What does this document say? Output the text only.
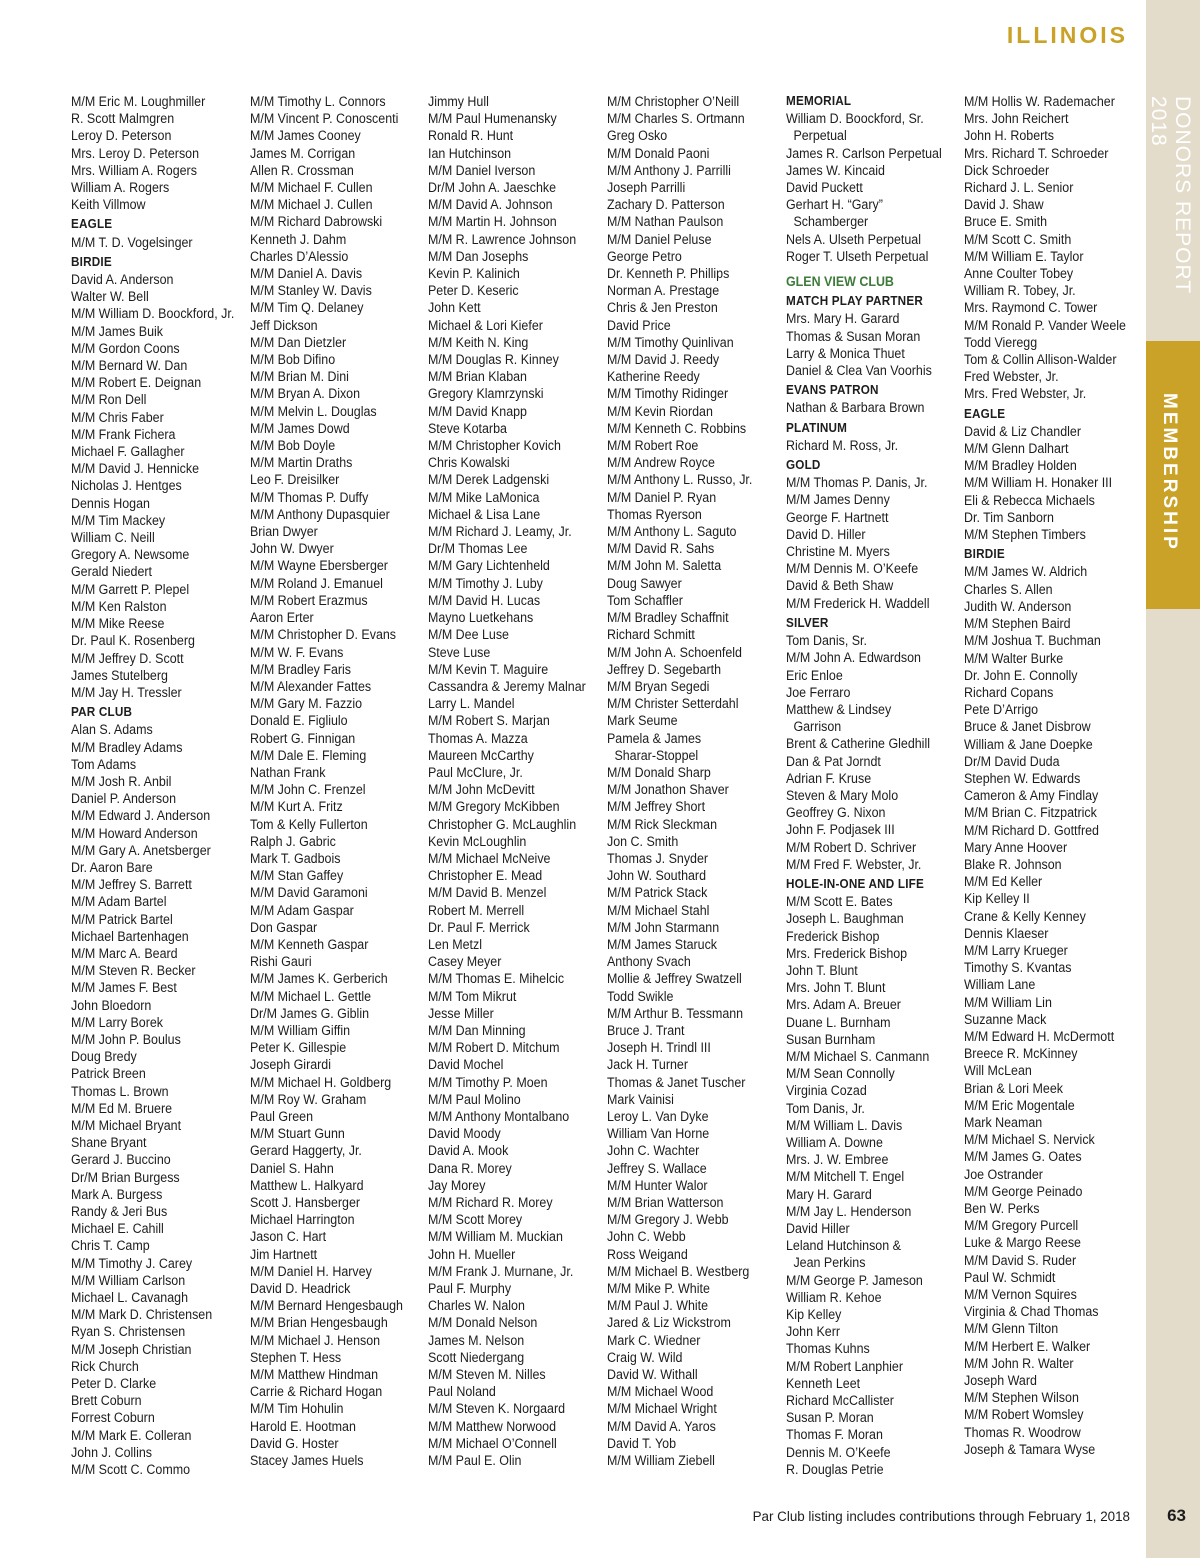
ILLINOIS
DONORS REPORT 2018
MEMBERSHIP
M/M Eric M. Loughmiller
R. Scott Malmgren
Leroy D. Peterson
Mrs. Leroy D. Peterson
Mrs. William A. Rogers
William A. Rogers
Keith Villmow
EAGLE
M/M T. D. Vogelsinger
BIRDIE
David A. Anderson
Walter W. Bell
M/M William D. Boockford, Jr.
M/M James Buik
M/M Gordon Coons
M/M Bernard W. Dan
M/M Robert E. Deignan
M/M Ron Dell
M/M Chris Faber
M/M Frank Fichera
Michael F. Gallagher
M/M David J. Hennicke
Nicholas J. Hentges
Dennis Hogan
M/M Tim Mackey
William C. Neill
Gregory A. Newsome
Gerald Niedert
M/M Garrett P. Plepel
M/M Ken Ralston
M/M Mike Reese
Dr. Paul K. Rosenberg
M/M Jeffrey D. Scott
James Stutelberg
M/M Jay H. Tressler
PAR CLUB
Alan S. Adams
M/M Bradley Adams
Tom Adams
M/M Josh R. Anbil
Daniel P. Anderson
M/M Edward J. Anderson
M/M Howard Anderson
M/M Gary A. Anetsberger
Dr. Aaron Bare
M/M Jeffrey S. Barrett
M/M Adam Bartel
M/M Patrick Bartel
Michael Bartenhagen
M/M Marc A. Beard
M/M Steven R. Becker
M/M James F. Best
John Bloedorn
M/M Larry Borek
M/M John P. Boulus
Doug Bredy
Patrick Breen
Thomas L. Brown
M/M Ed M. Bruere
M/M Michael Bryant
Shane Bryant
Gerard J. Buccino
Dr/M Brian Burgess
Mark A. Burgess
Randy & Jeri Bus
Michael E. Cahill
Chris T. Camp
M/M Timothy J. Carey
M/M William Carlson
Michael L. Cavanagh
M/M Mark D. Christensen
Ryan S. Christensen
M/M Joseph Christian
Rick Church
Peter D. Clarke
Brett Coburn
Forrest Coburn
M/M Mark E. Colleran
John J. Collins
M/M Scott C. Commo
M/M Timothy L. Connors
M/M Vincent P. Conoscenti
M/M James Cooney
James M. Corrigan
Allen R. Crossman
M/M Michael F. Cullen
M/M Michael J. Cullen
M/M Richard Dabrowski
Kenneth J. Dahm
Charles D’Alessio
M/M Daniel A. Davis
M/M Stanley W. Davis
M/M Tim Q. Delaney
Jeff Dickson
M/M Dan Dietzler
M/M Bob Difino
M/M Brian M. Dini
M/M Bryan A. Dixon
M/M Melvin L. Douglas
M/M James Dowd
M/M Bob Doyle
M/M Martin Draths
Leo F. Dreisilker
M/M Thomas P. Duffy
M/M Anthony Dupasquier
Brian Dwyer
John W. Dwyer
M/M Wayne Ebersberger
M/M Roland J. Emanuel
M/M Robert Erazmus
Aaron Erter
M/M Christopher D. Evans
M/M W. F. Evans
M/M Bradley Faris
M/M Alexander Fattes
M/M Gary M. Fazzio
Donald E. Figliulo
Robert G. Finnigan
M/M Dale E. Fleming
Nathan Frank
M/M John C. Frenzel
M/M Kurt A. Fritz
Tom & Kelly Fullerton
Ralph J. Gabric
Mark T. Gadbois
M/M Stan Gaffey
M/M David Garamoni
M/M Adam Gaspar
Don Gaspar
M/M Kenneth Gaspar
Rishi Gauri
M/M James K. Gerberich
M/M Michael L. Gettle
Dr/M James G. Giblin
M/M William Giffin
Peter K. Gillespie
Joseph Girardi
M/M Michael H. Goldberg
M/M Roy W. Graham
Paul Green
M/M Stuart Gunn
Gerard Haggerty, Jr.
Daniel S. Hahn
Matthew L. Halkyard
Scott J. Hansberger
Michael Harrington
Jason C. Hart
Jim Hartnett
M/M Daniel H. Harvey
David D. Headrick
M/M Bernard Hengesbaugh
M/M Brian Hengesbaugh
M/M Michael J. Henson
Stephen T. Hess
M/M Matthew Hindman
Carrie & Richard Hogan
M/M Tim Hohulin
Harold E. Hootman
David G. Hoster
Stacey James Huels
Jimmy Hull
M/M Paul Humenansky
Ronald R. Hunt
Ian Hutchinson
M/M Daniel Iverson
Dr/M John A. Jaeschke
M/M David A. Johnson
M/M Martin H. Johnson
M/M R. Lawrence Johnson
M/M Dan Josephs
Kevin P. Kalinich
Peter D. Keseric
John Kett
Michael & Lori Kiefer
M/M Keith N. King
M/M Douglas R. Kinney
M/M Brian Klaban
Gregory Klamrzynski
M/M David Knapp
Steve Kotarba
M/M Christopher Kovich
Chris Kowalski
M/M Derek Ladgenski
M/M Mike LaMonica
Michael & Lisa Lane
M/M Richard J. Leamy, Jr.
Dr/M Thomas Lee
M/M Gary Lichtenheld
M/M Timothy J. Luby
M/M David H. Lucas
Mayno Luetkehans
M/M Dee Luse
Steve Luse
M/M Kevin T. Maguire
Cassandra & Jeremy Malnar
Larry L. Mandel
M/M Robert S. Marjan
Thomas A. Mazza
Maureen McCarthy
Paul McClure, Jr.
M/M John McDevitt
M/M Gregory McKibben
Christopher G. McLaughlin
Kevin McLoughlin
M/M Michael McNeive
Christopher E. Mead
M/M David B. Menzel
Robert M. Merrell
Dr. Paul F. Merrick
Len Metzl
Casey Meyer
M/M Thomas E. Mihelcic
M/M Tom Mikrut
Jesse Miller
M/M Dan Minning
M/M Robert D. Mitchum
David Mochel
M/M Timothy P. Moen
M/M Paul Molino
M/M Anthony Montalbano
David Moody
David A. Mook
Dana R. Morey
Jay Morey
M/M Richard R. Morey
M/M Scott Morey
M/M William M. Muckian
John H. Mueller
M/M Frank J. Murnane, Jr.
Paul F. Murphy
Charles W. Nalon
M/M Donald Nelson
James M. Nelson
Scott Niedergang
M/M Steven M. Nilles
Paul Noland
M/M Steven K. Norgaard
M/M Matthew Norwood
M/M Michael O’Connell
M/M Paul E. Olin
M/M Christopher O’Neill
M/M Charles S. Ortmann
Greg Osko
M/M Donald Paoni
M/M Anthony J. Parrilli
Joseph Parrilli
Zachary D. Patterson
M/M Nathan Paulson
M/M Daniel Peluse
George Petro
Dr. Kenneth P. Phillips
Norman A. Prestage
Chris & Jen Preston
David Price
M/M Timothy Quinlivan
M/M David J. Reedy
Katherine Reedy
M/M Timothy Ridinger
M/M Kevin Riordan
M/M Kenneth C. Robbins
M/M Robert Roe
M/M Andrew Royce
M/M Anthony L. Russo, Jr.
M/M Daniel P. Ryan
Thomas Ryerson
M/M Anthony L. Saguto
M/M David R. Sahs
M/M John M. Saletta
Doug Sawyer
Tom Schaffler
M/M Bradley Schaffnit
Richard Schmitt
M/M John A. Schoenfeld
Jeffrey D. Segebarth
M/M Bryan Segedi
M/M Christer Setterdahl
Mark Seume
Pamela & James
Sharar-Stoppel
M/M Donald Sharp
M/M Jonathon Shaver
M/M Jeffrey Short
M/M Rick Sleckman
Jon C. Smith
Thomas J. Snyder
John W. Southard
M/M Patrick Stack
M/M Michael Stahl
M/M John Starmann
M/M James Staruck
Anthony Svach
Mollie & Jeffrey Swatzell
Todd Swikle
M/M Arthur B. Tessmann
Bruce J. Trant
Joseph H. Trindl III
Jack H. Turner
Thomas & Janet Tuscher
Mark Vainisi
Leroy L. Van Dyke
William Van Horne
John C. Wachter
Jeffrey S. Wallace
M/M Hunter Walor
M/M Brian Watterson
M/M Gregory J. Webb
John C. Webb
Ross Weigand
M/M Michael B. Westberg
M/M Mike P. White
M/M Paul J. White
Jared & Liz Wickstrom
Mark C. Wiedner
Craig W. Wild
David W. Withall
M/M Michael Wood
M/M Michael Wright
M/M David A. Yaros
David T. Yob
M/M William Ziebell
MEMORIAL
William D. Boockford, Sr.
Perpetual
James R. Carlson Perpetual
James W. Kincaid
David Puckett
Gerhart H. “Gary”
Schamberger
Nels A. Ulseth Perpetual
Roger T. Ulseth Perpetual
GLEN VIEW CLUB
MATCH PLAY PARTNER
Mrs. Mary H. Garard
Thomas & Susan Moran
Larry & Monica Thuet
Daniel & Clea Van Voorhis
EVANS PATRON
Nathan & Barbara Brown
PLATINUM
Richard M. Ross, Jr.
GOLD
M/M Thomas P. Danis, Jr.
M/M James Denny
George F. Hartnett
David D. Hiller
Christine M. Myers
M/M Dennis M. O’Keefe
David & Beth Shaw
M/M Frederick H. Waddell
SILVER
Tom Danis, Sr.
M/M John A. Edwardson
Eric Enloe
Joe Ferraro
Matthew & Lindsey
Garrison
Brent & Catherine Gledhill
Dan & Pat Jorndt
Adrian F. Kruse
Steven & Mary Molo
Geoffrey G. Nixon
John F. Podjasek III
M/M Robert D. Schriver
M/M Fred F. Webster, Jr.
HOLE-IN-ONE AND LIFE
M/M Scott E. Bates
Joseph L. Baughman
Frederick Bishop
Mrs. Frederick Bishop
John T. Blunt
Mrs. John T. Blunt
Mrs. Adam A. Breuer
Duane L. Burnham
Susan Burnham
M/M Michael S. Canmann
M/M Sean Connolly
Virginia Cozad
Tom Danis, Jr.
M/M William L. Davis
William A. Downe
Mrs. J. W. Embree
M/M Mitchell T. Engel
Mary H. Garard
M/M Jay L. Henderson
David Hiller
Leland Hutchinson &
Jean Perkins
M/M George P. Jameson
William R. Kehoe
Kip Kelley
John Kerr
Thomas Kuhns
M/M Robert Lanphier
Kenneth Leet
Richard McCallister
Susan P. Moran
Thomas F. Moran
Dennis M. O’Keefe
R. Douglas Petrie
M/M Hollis W. Rademacher
Mrs. John Reichert
John H. Roberts
Mrs. Richard T. Schroeder
Dick Schroeder
Richard J. L. Senior
David J. Shaw
Bruce E. Smith
M/M Scott C. Smith
M/M William E. Taylor
Anne Coulter Tobey
William R. Tobey, Jr.
Mrs. Raymond C. Tower
M/M Ronald P. Vander Weele
Todd Vieregg
Tom & Collin Allison-Walder
Fred Webster, Jr.
Mrs. Fred Webster, Jr.
EAGLE
David & Liz Chandler
M/M Glenn Dalhart
M/M Bradley Holden
M/M William H. Honaker III
Eli & Rebecca Michaels
Dr. Tim Sanborn
M/M Stephen Timbers
BIRDIE
M/M James W. Aldrich
Charles S. Allen
Judith W. Anderson
M/M Stephen Baird
M/M Joshua T. Buchman
M/M Walter Burke
Dr. John E. Connolly
Richard Copans
Pete D’Arrigo
Bruce & Janet Disbrow
William & Jane Doepke
Dr/M David Duda
Stephen W. Edwards
Cameron & Amy Findlay
M/M Brian C. Fitzpatrick
M/M Richard D. Gottfred
Mary Anne Hoover
Blake R. Johnson
M/M Ed Keller
Kip Kelley II
Crane & Kelly Kenney
Dennis Klaeser
M/M Larry Krueger
Timothy S. Kvantas
William Lane
M/M William Lin
Suzanne Mack
M/M Edward H. McDermott
Breece R. McKinney
Will McLean
Brian & Lori Meek
M/M Eric Mogentale
Mark Neaman
M/M Michael S. Nervick
M/M James G. Oates
Joe Ostrander
M/M George Peinado
Ben W. Perks
M/M Gregory Purcell
Luke & Margo Reese
M/M David S. Ruder
Paul W. Schmidt
M/M Vernon Squires
Virginia & Chad Thomas
M/M Glenn Tilton
M/M Herbert E. Walker
M/M John R. Walter
Joseph Ward
M/M Stephen Wilson
M/M Robert Womsley
Thomas R. Woodrow
Joseph & Tamara Wyse
Par Club listing includes contributions through February 1, 2018 63
